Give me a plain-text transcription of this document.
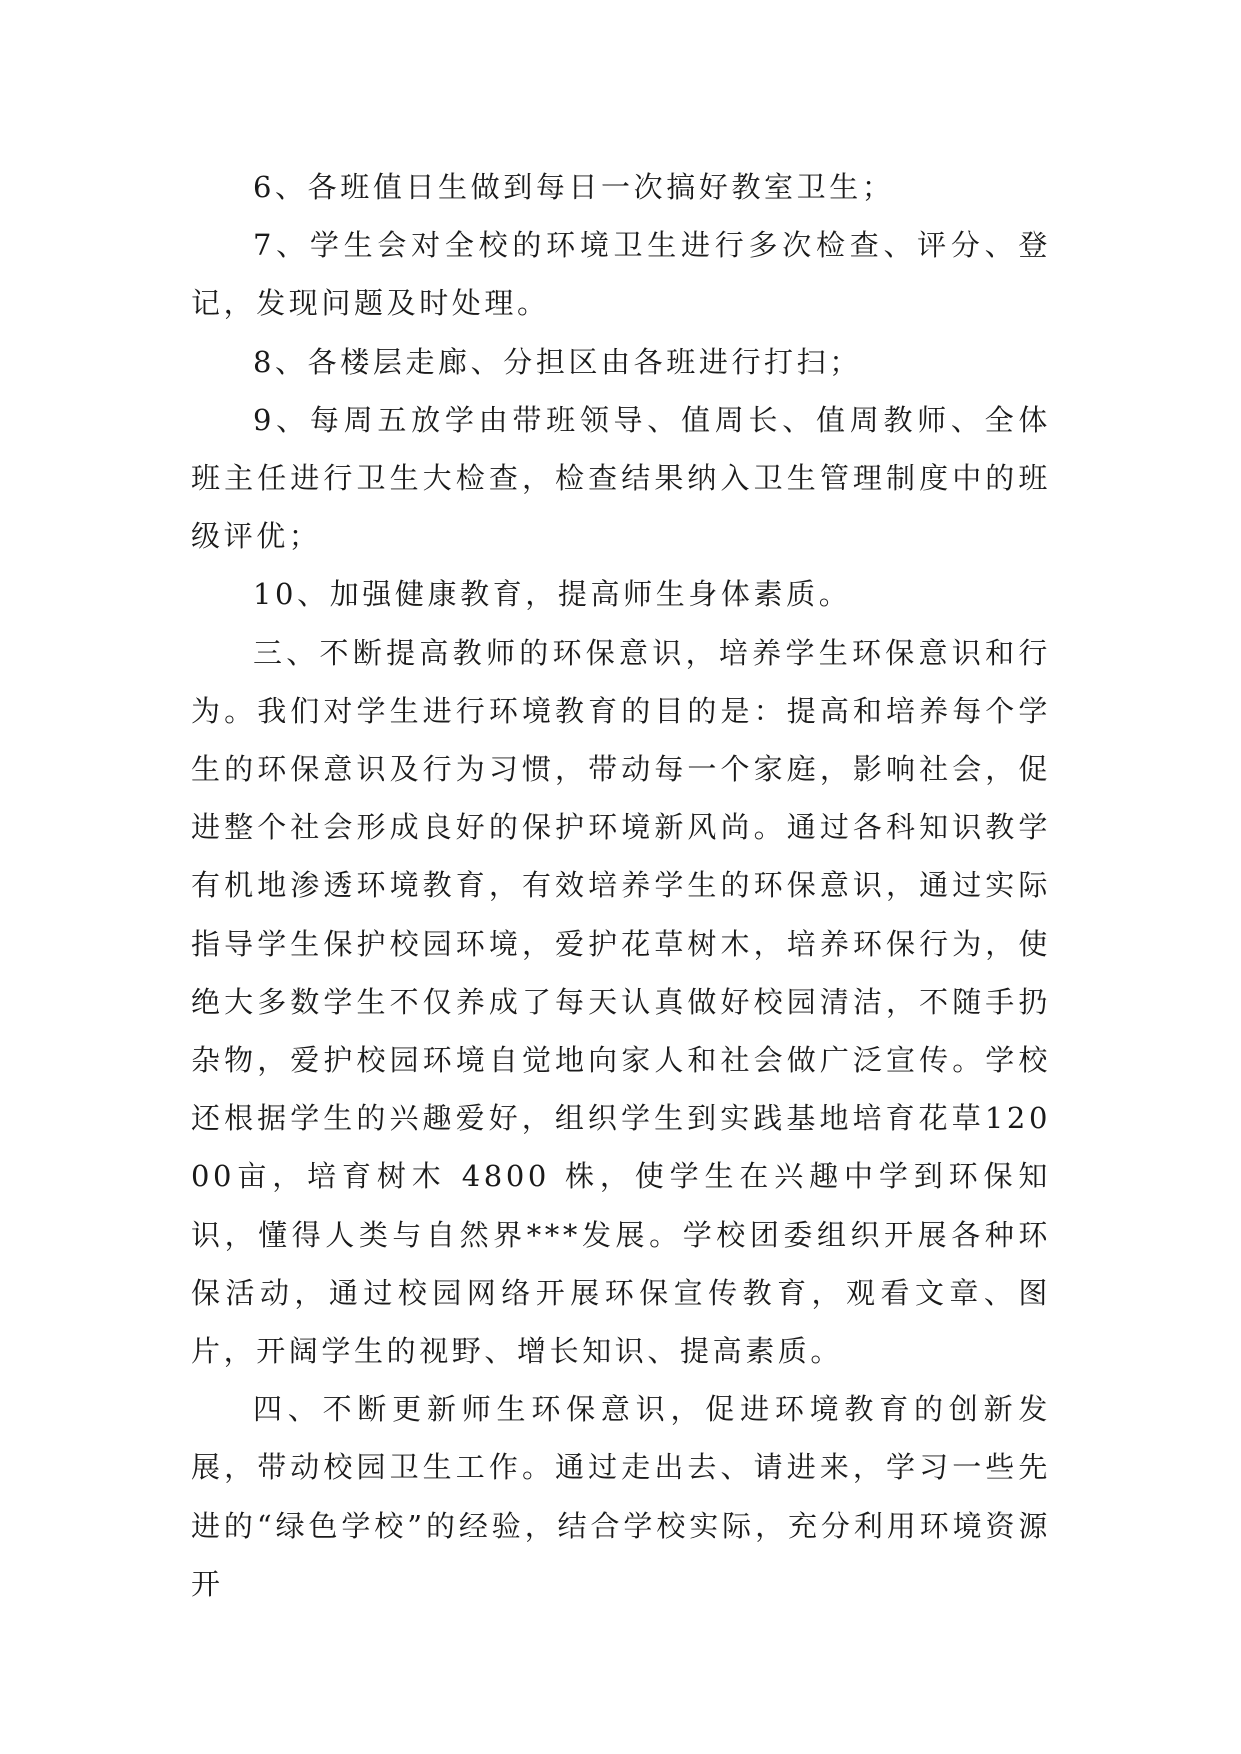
6、各班值日生做到每日一次搞好教室卫生；

7、学生会对全校的环境卫生进行多次检查、评分、登记，发现问题及时处理。

8、各楼层走廊、分担区由各班进行打扫；

9、每周五放学由带班领导、值周长、值周教师、全体班主任进行卫生大检查，检查结果纳入卫生管理制度中的班级评优；

10、加强健康教育，提高师生身体素质。

三、不断提高教师的环保意识，培养学生环保意识和行为。我们对学生进行环境教育的目的是：提高和培养每个学生的环保意识及行为习惯，带动每一个家庭，影响社会，促进整个社会形成良好的保护环境新风尚。通过各科知识教学有机地渗透环境教育，有效培养学生的环保意识，通过实际指导学生保护校园环境，爱护花草树木，培养环保行为，使绝大多数学生不仅养成了每天认真做好校园清洁，不随手扔杂物，爱护校园环境自觉地向家人和社会做广泛宣传。学校还根据学生的兴趣爱好，组织学生到实践基地培育花草12000亩，培育树木 4800 株，使学生在兴趣中学到环保知识，懂得人类与自然界***发展。学校团委组织开展各种环保活动，通过校园网络开展环保宣传教育，观看文章、图片，开阔学生的视野、增长知识、提高素质。

四、不断更新师生环保意识，促进环境教育的创新发展，带动校园卫生工作。通过走出去、请进来，学习一些先进的“绿色学校”的经验，结合学校实际，充分利用环境资源开
